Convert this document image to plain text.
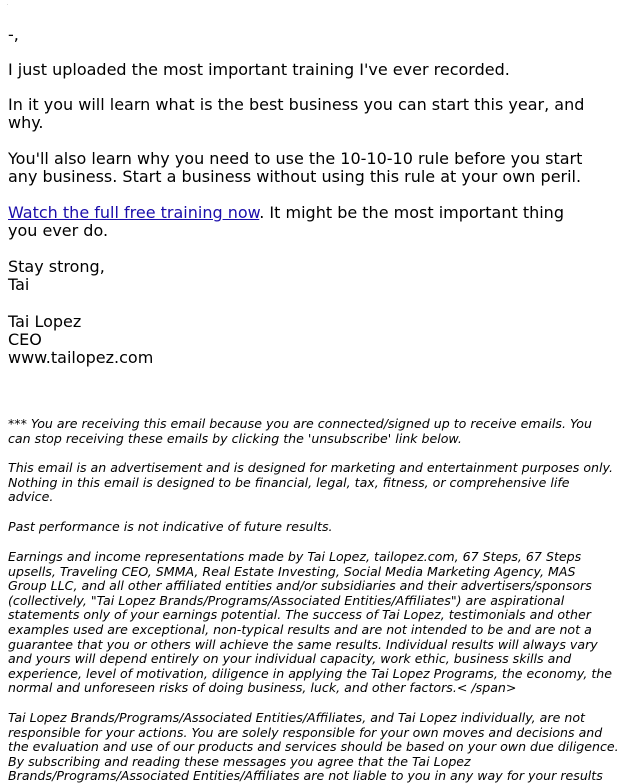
.

-,

I just uploaded the most important training I've ever recorded.

In it you will learn what is the best business you can start this year, and
why.

You'll also learn why you need to use the 10-10-10 rule before you start
any business. Start a business without using this rule at your own peril.

Watch the full free training now. It might be the most important thing
you ever do.

Stay strong,
Tai

Tai Lopez
CEO
www.tailopez.com

*** You are receiving this email because you are connected/signed up to receive emails. You
can stop receiving these emails by clicking the 'unsubscribe' link below.

This email is an advertisement and is designed for marketing and entertainment purposes only.
Nothing in this email is designed to be financial, legal, tax, fitness, or comprehensive life
advice.

Past performance is not indicative of future results.

Earnings and income representations made by Tai Lopez, tailopez.com, 67 Steps, 67 Steps
upsells, Traveling CEO, SMMA, Real Estate Investing, Social Media Marketing Agency, MAS
Group LLC, and all other affiliated entities and/or subsidiaries and their advertisers/sponsors
(collectively, "Tai Lopez Brands/Programs/Associated Entities/Affiliates") are aspirational
statements only of your earnings potential. The success of Tai Lopez, testimonials and other
examples used are exceptional, non-typical results and are not intended to be and are not a
guarantee that you or others will achieve the same results. Individual results will always vary
and yours will depend entirely on your individual capacity, work ethic, business skills and
experience, level of motivation, diligence in applying the Tai Lopez Programs, the economy, the
normal and unforeseen risks of doing business, luck, and other factors.< /span>

Tai Lopez Brands/Programs/Associated Entities/Affiliates, and Tai Lopez individually, are not
responsible for your actions. You are solely responsible for your own moves and decisions and
the evaluation and use of our products and services should be based on your own due diligence.
By subscribing and reading these messages you agree that the Tai Lopez
Brands/Programs/Associated Entities/Affiliates are not liable to you in any way for your results
